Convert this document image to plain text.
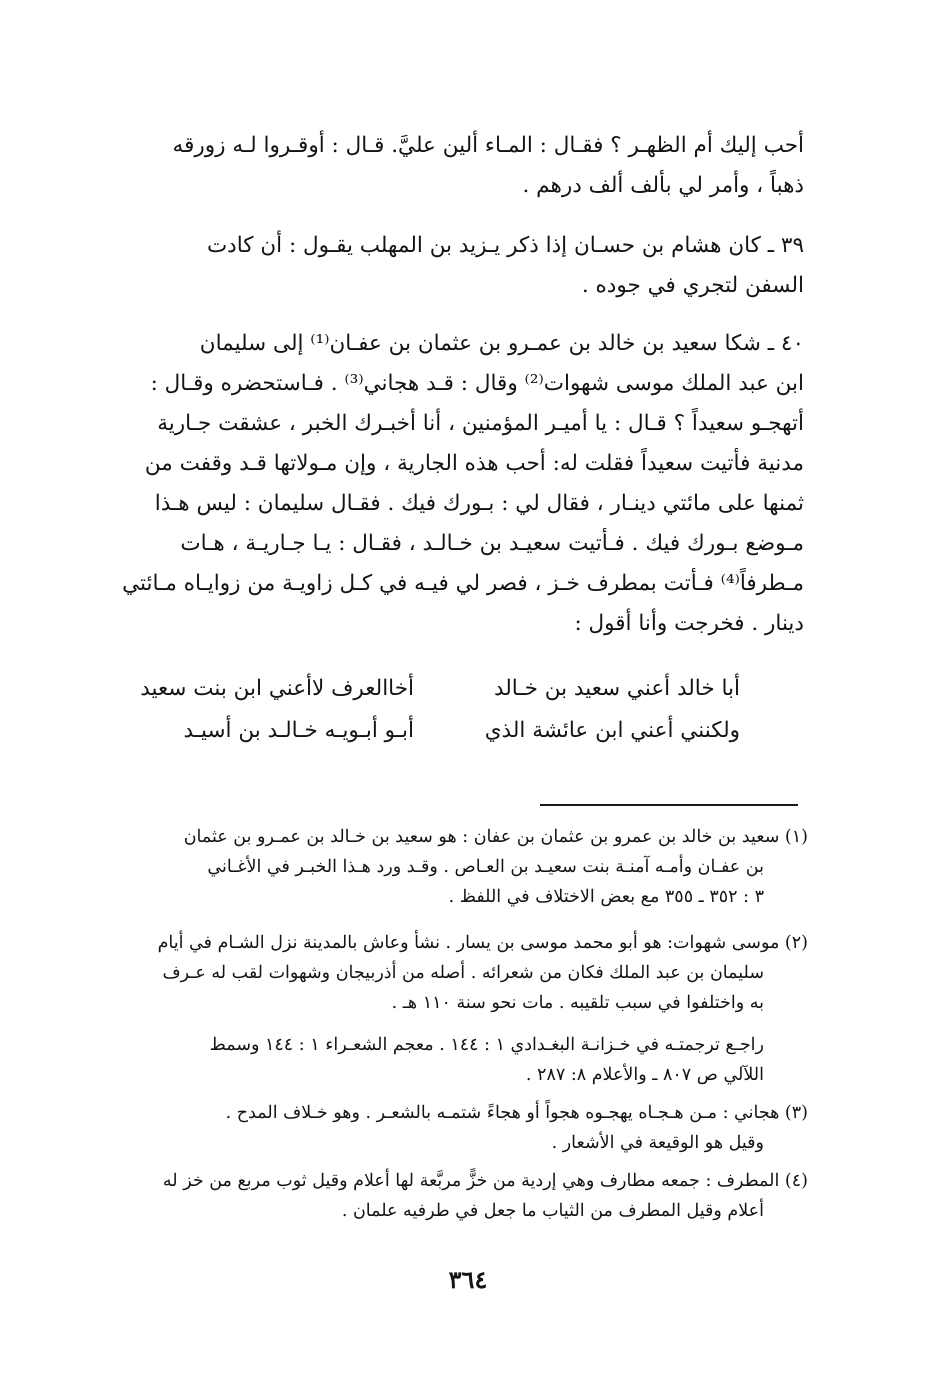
أحب إليك أم الظهـر ؟ فقـال : المـاء ألين عليَّ. قـال : أوقـروا لـه زورقه
ذهباً ، وأمر لي بألف ألف درهم .
٣٩ ـ كان هشام بن حسـان إذا ذكر يـزيد بن المهلب يقـول : أن كادت
السفن لتجري في جوده .
٤٠ ـ شكا سعيد بن خالد بن عمـرو بن عثمان بن عفـان⁽¹⁾ إلى سليمان
ابن عبد الملك موسى شهوات⁽²⁾ وقال : قـد هجاني⁽³⁾ . فـاستحضره وقـال :
أتهجـو سعيداً ؟ قـال : يا أميـر المؤمنين ، أنا أخبـرك الخبر ، عشقت جـارية
مدنية فأتيت سعيداً فقلت له: أحب هذه الجارية ، وإن مـولاتها قـد وقفت من
ثمنها على مائتي دينـار ، فقال لي : بـورك فيك . فقـال سليمان : ليس هـذا
مـوضع بـورك فيك . فـأتيت سعيـد بن خـالـد ، فقـال : يـا جـاريـة ، هـات
مـطرفاً⁽⁴⁾ فـأتت بمطرف خـز ، فصر لي فيـه في كـل زاويـة من زوايـاه مـائتي
دينار . فخرجت وأنا أقول :
أبا خالد أعني سعيد بن خـالد
أخاالعرف لاأعني ابن بنت سعيد
ولكنني أعني ابن عائشة الذي
أبـو أبـويـه خـالـد بن أسيـد
(١) سعيد بن خالد بن عمرو بن عثمان بن عفان : هو سعيد بن خـالد بن عمـرو بن عثمان
بن عفـان وأمـه آمنـة بنت سعيـد بن العـاص . وقـد ورد هـذا الخبـر في الأغـاني
٣ : ٣٥٢ ـ ٣٥٥ مع بعض الاختلاف في اللفظ .
(٢) موسى شهوات: هو أبو محمد موسى بن يسار . نشأ وعاش بالمدينة نزل الشـام في أيام
سليمان بن عبد الملك فكان من شعرائه . أصله من أذربيجان وشهوات لقب له عـرف
به واختلفوا في سبب تلقيبه . مات نحو سنة ١١٠ هـ .
راجـع ترجمتـه في خـزانـة البغـدادي ١ : ١٤٤ . معجم الشعـراء ١ : ١٤٤ وسمط
اللآلي ص ٨٠٧ ـ والأعلام ٨: ٢٨٧ .
(٣) هجاني : مـن هـجـاه يهجـوه هجواً أو هجاءً شتمـه بالشعـر . وهو خـلاف المدح .
وقيل هو الوقيعة في الأشعار .
(٤) المطرف : جمعه مطارف وهي إردية من خزًّ مربَّعة لها أعلام وقيل ثوب مربع من خز له
أعلام وقيل المطرف من الثياب ما جعل في طرفيه علمان .
٣٦٤
